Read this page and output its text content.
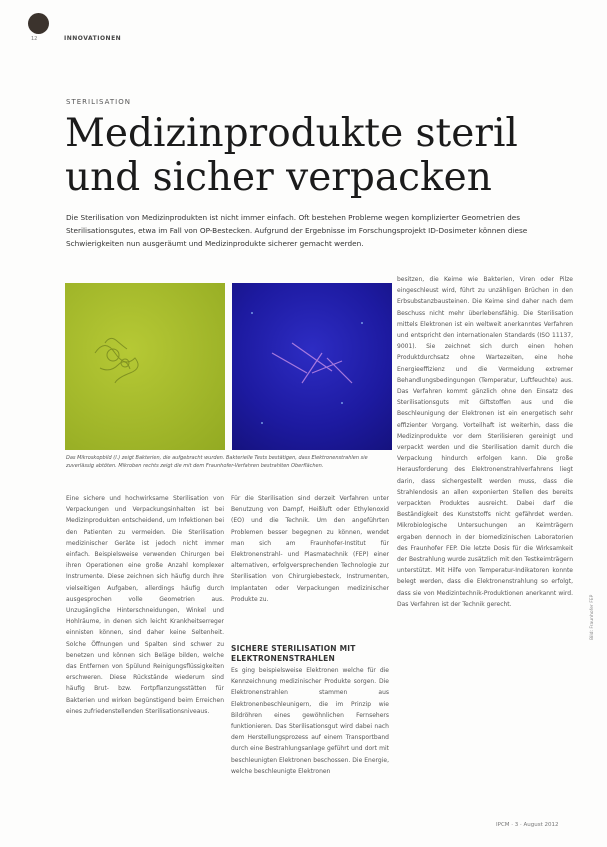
12	INNOVATIONEN
STERILISATION
Medizinprodukte steril und sicher verpacken
Die Sterilisation von Medizinprodukten ist nicht immer einfach. Oft bestehen Probleme wegen komplizierter Geometrien des Sterilisationsgutes, etwa im Fall von OP-Bestecken. Aufgrund der Ergebnisse im Forschungsprojekt ID-Dosimeter können diese Schwierigkeiten nun ausgeräumt und Medizinprodukte sicherer gemacht werden.
Das Mikroskopbild (l.) zeigt Bakterien, die aufgebracht wurden. Bakterielle Tests bestätigen, dass Elektronenstrahlen sie zuverlässig abtöten. Mikroben rechts zeigt die mit dem Fraunhofer-Verfahren bestrahlten Oberflächen.
Eine sichere und hochwirksame Sterilisation von Verpackungen und Verpackungsinhalten ist bei Medizinprodukten entscheidend, um Infektionen bei den Patienten zu vermeiden. Die Sterilisation medizinischer Geräte ist jedoch nicht immer einfach. Beispielsweise verwenden Chirurgen bei ihren Operationen eine große Anzahl komplexer Instrumente. Diese zeichnen sich häufig durch ihre vielseitigen Aufgaben, allerdings häufig durch ausgesprochen volle Geometrien aus. Unzugängliche Hinterschneidungen, Winkel und Hohlräume, in denen sich leicht Krankheitserreger einnisten können, sind daher keine Seltenheit. Solche Öffnungen und Spalten sind schwer zu benetzen und können sich Beläge bilden, welche das Entfernen von Spülund Reinigungsflüssigkeiten erschweren. Diese Rückstände wiederum sind häufig Brut- bzw. Fortpflanzungsstätten für Bakterien und wirken begünstigend beim Erreichen eines zufriedenstellenden Sterilisationsniveaus.
Für die Sterilisation sind derzeit Verfahren unter Benutzung von Dampf, Heißluft oder Ethylenoxid (EO) und die Technik. Um den angeführten Problemen besser begegnen zu können, wendet man sich am Fraunhofer-Institut für Elektronenstrahl- und Plasmatechnik (FEP) einer alternativen, erfolgversprechenden Technologie zur Sterilisation von Chirurgiebesteck, Instrumenten, Implantaten oder Verpackungen medizinischer Produkte zu.
SICHERE STERILISATION MIT ELEKTRONENSTRAHLEN
Es ging beispielsweise Elektronen welche für die Kennzeichnung medizinischer Produkte sorgen. Die Elektronenstrahlen stammen aus Elektronenbeschleunigern, die im Prinzip wie Bildröhren eines gewöhnlichen Fernsehers funktionieren. Das Sterilisationsgut wird dabei nach dem Herstellungsprozess auf einem Transportband durch eine Bestrahlungsanlage geführt und dort mit beschleunigten Elektronen beschossen. Die Energie, welche beschleunigte Elektronen
besitzen, die Keime wie Bakterien, Viren oder Pilze eingeschleust wird, führt zu unzähligen Brüchen in den Erbsubstanzbausteinen. Die Keime sind daher nach dem Beschuss nicht mehr überlebensfähig. Die Sterilisation mittels Elektronen ist ein weltweit anerkanntes Verfahren und entspricht den internationalen Standards (ISO 11137, 9001). Sie zeichnet sich durch einen hohen Produktdurchsatz ohne Wartezeiten, eine hohe Energieeffizienz und die Vermeidung extremer Behandlungsbedingungen (Temperatur, Luftfeuchte) aus. Das Verfahren kommt gänzlich ohne den Einsatz des Sterilisationsguts mit Giftstoffen aus und die Beschleunigung der Elektronen ist ein energetisch sehr effizienter Vorgang. Vorteilhaft ist weiterhin, dass die Medizinprodukte vor dem Sterilisieren gereinigt und verpackt werden und die Sterilisation damit durch die Verpackung hindurch erfolgen kann. Die große Herausforderung des Elektronenstrahlverfahrens liegt darin, dass sichergestellt werden muss, dass die Strahlendosis an allen exponierten Stellen des bereits verpackten Produktes ausreicht. Dabei darf die Beständigkeit des Kunststoffs nicht gefährdet werden. Mikrobiologische Untersuchungen an Keimträgern ergaben dennoch in der biomedizinischen Laboratorien des Fraunhofer FEP. Die letzte Dosis für die Wirksamkeit der Bestrahlung wurde zusätzlich mit den Testkeimträgern unterstützt. Mit Hilfe von Temperatur-Indikatoren konnte belegt werden, dass die Elektronenstrahlung so erfolgt, dass sie von Medizintechnik-Produktionen anerkannt wird. Das Verfahren ist der Technik gerecht.	Bild: Fraunhofer FEP
IPCM · 3 · August 2012
